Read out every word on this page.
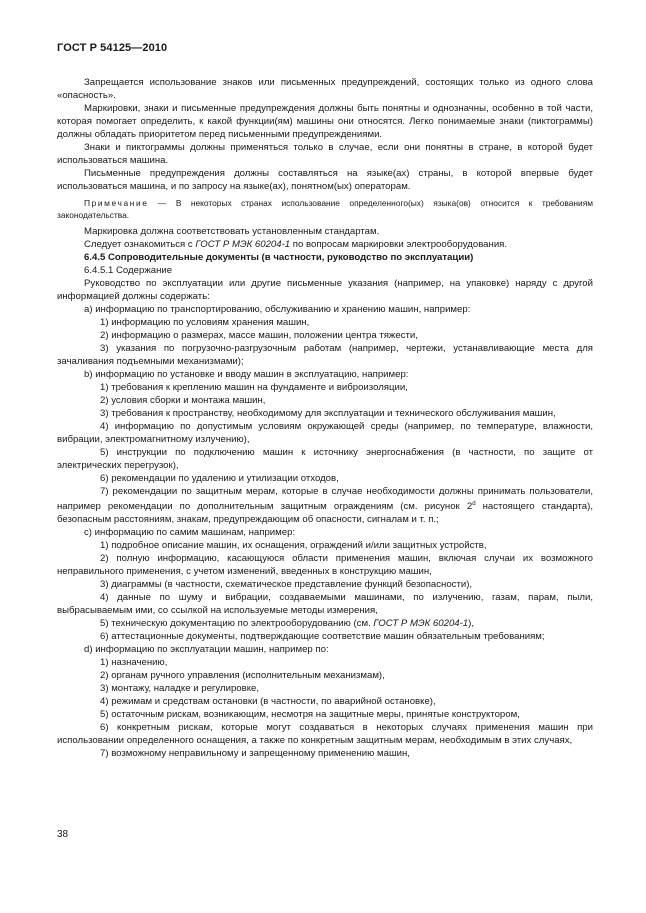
ГОСТ Р 54125—2010

Запрещается использование знаков или письменных предупреждений, состоящих только из одного слова «опасность».

Маркировки, знаки и письменные предупреждения должны быть понятны и однозначны, особенно в той части, которая помогает определить, к какой функции(ям) машины они относятся. Легко понимаемые знаки (пиктограммы) должны обладать приоритетом перед письменными предупреждениями.

Знаки и пиктограммы должны применяться только в случае, если они понятны в стране, в которой будет использоваться машина.

Письменные предупреждения должны составляться на языке(ах) страны, в которой впервые будет использоваться машина, и по запросу на языке(ах), понятном(ых) операторам.

Примечание — В некоторых странах использование определенного(ых) языка(ов) относится к требованиям законодательства.

Маркировка должна соответствовать установленным стандартам.

Следует ознакомиться с ГОСТ Р МЭК 60204-1 по вопросам маркировки электрооборудования.

6.4.5 Сопроводительные документы (в частности, руководство по эксплуатации)

6.4.5.1 Содержание

Руководство по эксплуатации или другие письменные указания (например, на упаковке) наряду с другой информацией должны содержать:

а) информацию по транспортированию, обслуживанию и хранению машин, например:

1) информацию по условиям хранения машин,

2) информацию о размерах, массе машин, положении центра тяжести,

3) указания по погрузочно-разгрузочным работам (например, чертежи, устанавливающие места для зачаливания подъемными механизмами);

b) информацию по установке и вводу машин в эксплуатацию, например:

1) требования к креплению машин на фундаменте и виброизоляции,

2) условия сборки и монтажа машин,

3) требования к пространству, необходимому для эксплуатации и технического обслуживания машин,

4) информацию по допустимым условиям окружающей среды (например, по температуре, влажности, вибрации, электромагнитному излучению),

5) инструкции по подключению машин к источнику энергоснабжения (в частности, по защите от электрических перегрузок),

6) рекомендации по удалению и утилизации отходов,

7) рекомендации по защитным мерам, которые в случае необходимости должны принимать пользователи, например рекомендации по дополнительным защитным ограждениям (см. рисунок 2$^d$ настоящего стандарта), безопасным расстояниям, знакам, предупреждающим об опасности, сигналам и т. п.;

с) информацию по самим машинам, например:

1) подробное описание машин, их оснащения, ограждений и/или защитных устройств,

2) полную информацию, касающуюся области применения машин, включая случаи их возможного неправильного применения, с учетом изменений, введенных в конструкцию машин,

3) диаграммы (в частности, схематическое представление функций безопасности),

4) данные по шуму и вибрации, создаваемыми машинами, по излучению, газам, парам, пыли, выбрасываемым ими, со ссылкой на используемые методы измерения,

5) техническую документацию по электрооборудованию (см. ГОСТ Р МЭК 60204-1),

6) аттестационные документы, подтверждающие соответствие машин обязательным требованиям;

d) информацию по эксплуатации машин, например по:

1) назначению,

2) органам ручного управления (исполнительным механизмам),

3) монтажу, наладке и регулировке,

4) режимам и средствам остановки (в частности, по аварийной остановке),

5) остаточным рискам, возникающим, несмотря на защитные меры, принятые конструктором,

6) конкретным рискам, которые могут создаваться в некоторых случаях применения машин при использовании определенного оснащения, а также по конкретным защитным мерам, необходимым в этих случаях,

7) возможному неправильному и запрещенному применению машин,

38
